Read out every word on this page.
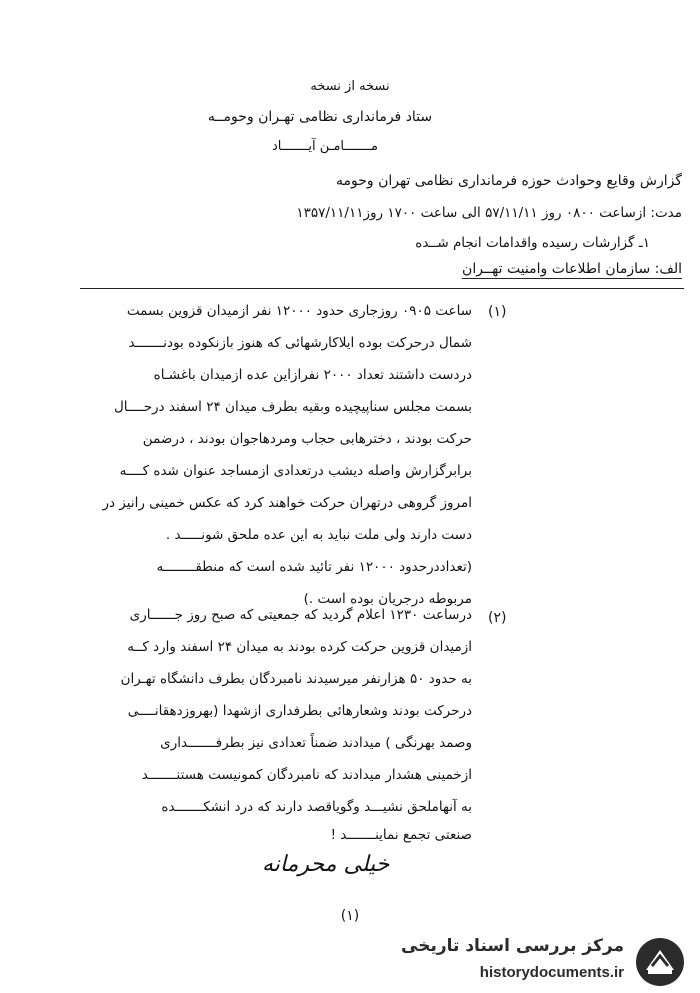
نسخه از نسخه
ستاد فرمانداری نظامی تهـران وحومــه
مـــــــامـن آیـــــــاد
گزارش وقایع وحوادث حوزه فرمانداری نظامی تهران وحومه
مدت: ازساعت ۰۸۰۰ روز ۵۷/۱۱/۱۱ الی ساعت ۱۷۰۰ روز۱۳۵۷/۱۱/۱۱
۱ـ گزارشات رسیده واقدامات انجام شــده
الف: سازمان اطلاعات وامنیت تهــران
(۱)
ساعت ۰۹۰۵ روزجاری حدود ۱۲۰۰۰ نفر ازمیدان قزوین بسمت
شمال درحرکت بوده ایلاکارشهائی که هنوز بازنکوده بودنـــــــد
دردست داشتند تعداد ۲۰۰۰ نفرازاین عده ازمیدان باغشـاه
بسمت مجلس سناپیچیده وبقیه بطرف میدان ۲۴ اسفند درحــــال
حرکت بودند ، دخترهابی حجاب ومردهاجوان بودند ، درضمن
برابرگزارش واصله دیشب درتعدادی ازمساجد عنوان شده کــــه
امروز گروهی درتهران حرکت خواهند کرد که عکس خمینی رانیز در
دست دارند ولی ملت نباید به این عده ملحق شونـــــد .
(تعداددرحدود ۱۲۰۰۰ نفر تائید شده است که منطقــــــــه
مربوطه درجریان بوده است .)
(۲)
درساعت ۱۲۳۰ اعلام گردید که جمعیتی که صبح روز جــــــاری
ازمیدان قزوین حرکت کرده بودند به میدان ۲۴ اسفند وارد کــه
به حدود ۵۰ هزارنفر میرسیدند نامبردگان بطرف دانشگاه تهـران
درحرکت بودند وشعارهائی بطرفداری ازشهدا (بهروزدهقانــــی
وصمد بهرنگی ) میدادند ضمناً تعدادی نیز بطرفـــــــداری
ازخمینی هشدار میدادند که نامبردگان کمونیست هستنـــــــد
به آنهاملحق نشیـــد وگویاقصد دارند که درد انشکـــــــده
صنعتی تجمع نماینـــــــد !
خیلی محرمانه
(۱)
مرکز بررسی اسناد تاریخی
historydocuments.ir
